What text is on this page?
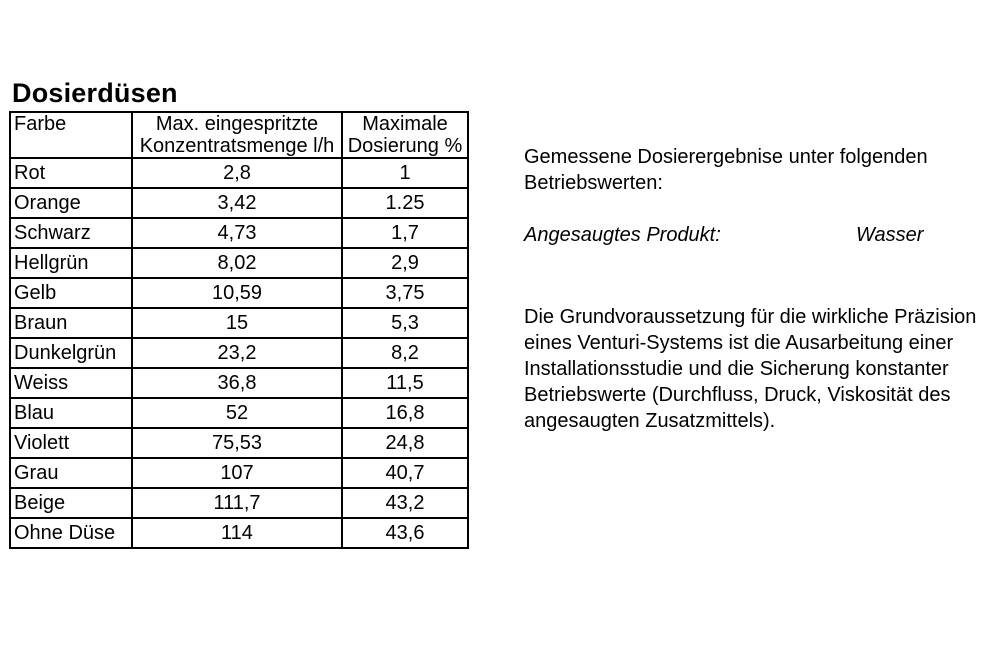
Dosierdüsen
Farbe	Max. eingespritzte Konzentratsmenge l/h	Maximale Dosierung %
Rot	2,8	1
Orange	3,42	1.25
Schwarz	4,73	1,7
Hellgrün	8,02	2,9
Gelb	10,59	3,75
Braun	15	5,3
Dunkelgrün	23,2	8,2
Weiss	36,8	11,5
Blau	52	16,8
Violett	75,53	24,8
Grau	107	40,7
Beige	111,7	43,2
Ohne Düse	114	43,6
Gemessene Dosierergebnise unter folgenden Betriebswerten:
Angesaugtes Produkt:	Wasser
Die Grundvoraussetzung für die wirkliche Präzision eines Venturi-Systems ist die Ausarbeitung einer Installationsstudie und die Sicherung konstanter Betriebswerte (Durchfluss, Druck, Viskosität des angesaugten Zusatzmittels).
